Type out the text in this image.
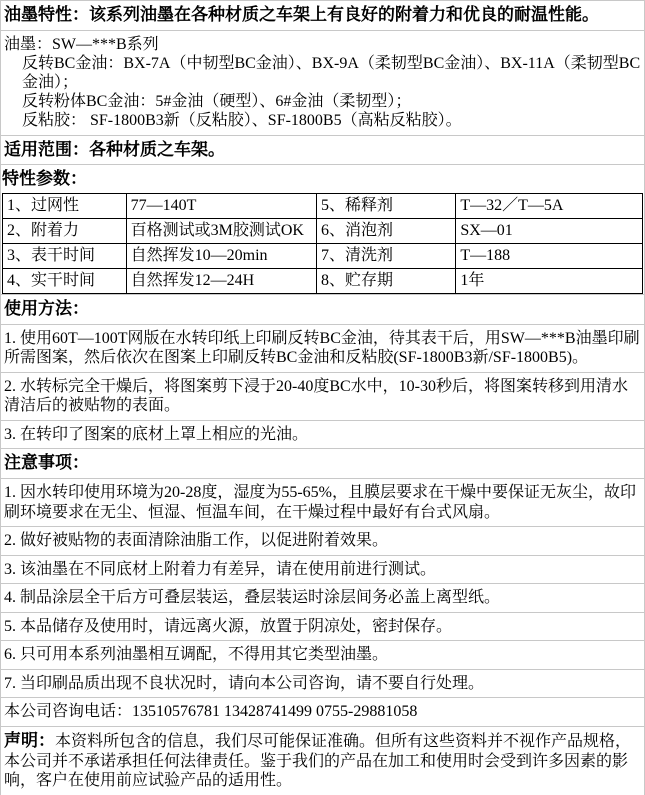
油墨特性：该系列油墨在各种材质之车架上有良好的附着力和优良的耐温性能。
油墨：SW—***B系列
反转BC金油：BX-7A（中韧型BC金油）、BX-9A（柔韧型BC金油）、BX-11A（柔韧型BC金油）；
反转粉体BC金油：5#金油（硬型）、6#金油（柔韧型）；
反粘胶： SF-1800B3新（反粘胶）、SF-1800B5（高粘反粘胶）。
适用范围：各种材质之车架。
特性参数：
1、过网性	77—140T	5、稀释剂	T—32／T—5A
2、附着力	百格测试或3M胶测试OK	6、消泡剂	SX—01
3、表干时间	自然挥发10—20min	7、清洗剂	T—188
4、实干时间	自然挥发12—24H	8、贮存期	1年
使用方法：
1. 使用60T—100T网版在水转印纸上印刷反转BC金油，待其表干后，用SW—***B油墨印刷所需图案，然后依次在图案上印刷反转BC金油和反粘胶(SF-1800B3新/SF-1800B5)。
2. 水转标完全干燥后，将图案剪下浸于20-40度BC水中，10-30秒后，将图案转移到用清水清洁后的被贴物的表面。
3. 在转印了图案的底材上罩上相应的光油。
注意事项：
1. 因水转印使用环境为20-28度，湿度为55-65%，且膜层要求在干燥中要保证无灰尘，故印刷环境要求在无尘、恒湿、恒温车间，在干燥过程中最好有台式风扇。
2. 做好被贴物的表面清除油脂工作，以促进附着效果。
3. 该油墨在不同底材上附着力有差异，请在使用前进行测试。
4. 制品涂层全干后方可叠层装运，叠层装运时涂层间务必盖上离型纸。
5. 本品储存及使用时，请远离火源，放置于阴凉处，密封保存。
6. 只可用本系列油墨相互调配，不得用其它类型油墨。
7. 当印刷品质出现不良状况时，请向本公司咨询，请不要自行处理。
本公司咨询电话：13510576781 13428741499 0755-29881058
声明：本资料所包含的信息，我们尽可能保证准确。但所有这些资料并不视作产品规格，本公司并不承诺承担任何法律责任。鉴于我们的产品在加工和使用时会受到许多因素的影响，客户在使用前应试验产品的适用性。
